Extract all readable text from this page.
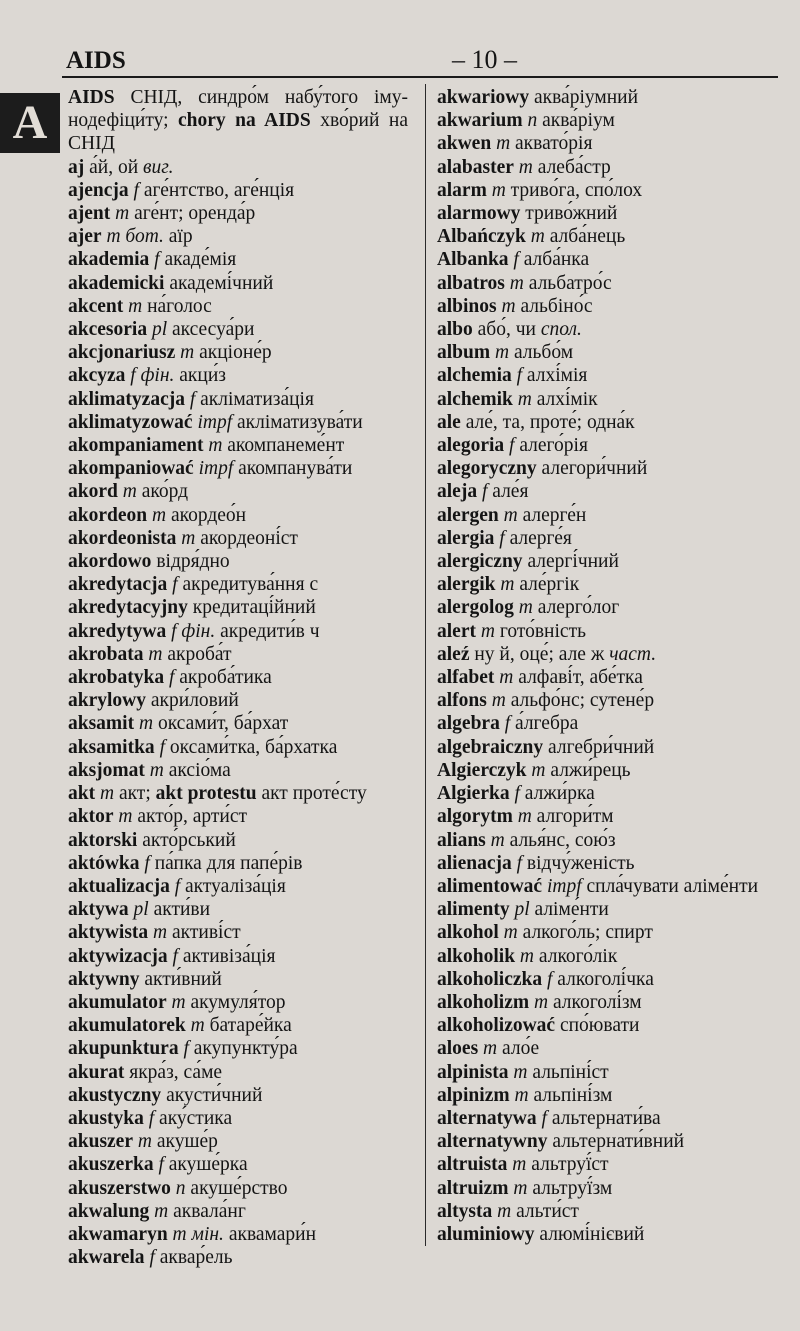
AIDS	– 10 –
A	AIDS СНІД, синдро́м набу́того імунодефіци́ту; chory na AIDS хво́рий на СНІД
aj а́й, ой виг.
ajencja f аге́нтство, аге́нція
ajent m аге́нт; оренда́р
ajer m бот. аїр
akademia f акаде́мія
akademicki академі́чний
akcent m на́голос
akcesoria pl аксесуа́ри
akcjonariusz m акціоне́р
akcyza f фін. акци́з
aklimatyzacja f акліматиза́ція
aklimatyzować impf акліматизува́ти
akompaniament m акомпанеме́нт
akompaniować impf акомпанува́ти
akord m ако́рд
akordeon m акордео́н
akordeonista m акордеоні́ст
akordowo відря́дно
akredytacja f акредитува́ння с
akredytacyjny кредитаці́йний
akredytywa f фін. акредити́в ч
akrobata m акроба́т
akrobatyka f акроба́тика
akrylowy акри́ловий
aksamit m оксами́т, ба́рхат
aksamitka f оксами́тка, ба́рхатка
aksjomat m аксіо́ма
akt m акт; akt protestu акт проте́сту
aktor m акто́р, арти́ст
aktorski акто́рський
aktówka f па́пка для папе́рів
aktualizacja f актуаліза́ція
aktywa pl акти́ви
aktywista m активі́ст
aktywizacja f активіза́ція
aktywny акти́вний
akumulator m акумуля́тор
akumulatorek m батаре́йка
akupunktura f акупункту́ра
akurat якра́з, са́ме
akustyczny акусти́чний
akustyka f аку́стика
akuszer m акуше́р
akuszerka f акуше́рка
akuszerstwo n акуше́рство
akwalung m аквала́нг
akwamaryn m мін. аквамари́н
akwarela f аквар́ель
akwariowy аква́ріумний
akwarium n аква́ріум
akwen m аквато́рія
alabaster m алеба́стр
alarm m триво́га, спо́лох
alarmowy триво́жний
Albańczyk m алба́нець
Albanka f алба́нка
albatros m альбатро́с
albinos m альбіно́с
albo або́, чи спол.
album m альбо́м
alchemia f алхі́мія
alchemik m алхі́мік
ale але́, та, проте́; одна́к
alegoria f алего́рія
alegoryczny алегори́чний
aleja f але́я
alergen m алерге́н
alergia f алерге́я
alergiczny алергі́чний
alergik m але́ргік
alergolog m алерго́лог
alert m гото́вність
aleź ну й, оце́; але ж част.
alfabet m алфаві́т, абе́тка
alfons m альфо́нс; сутене́р
algebra f а́лгебра
algebraiczny алгебри́чний
Algierczyk m алжи́рець
Algierka f алжи́рка
algorytm m алгори́тм
alians m алья́нс, сою́з
alienacja f відчу́женість
alimentować impf спла́чувати аліме́нти
alimenty pl аліме́нти
alkohol m алкого́ль; спирт
alkoholik m алкого́лік
alkoholiczka f алкоголі́чка
alkoholizm m алкоголі́зм
alkoholizować спо́ювати
aloes m ало́е
alpinista m альпіні́ст
alpinizm m альпіні́зм
alternatywa f альтернати́ва
alternatywny альтернати́вний
altruista m альтруї́ст
altruizm m альтруї́зм
altysta m альти́ст
aluminiowy алюмі́нієвий
